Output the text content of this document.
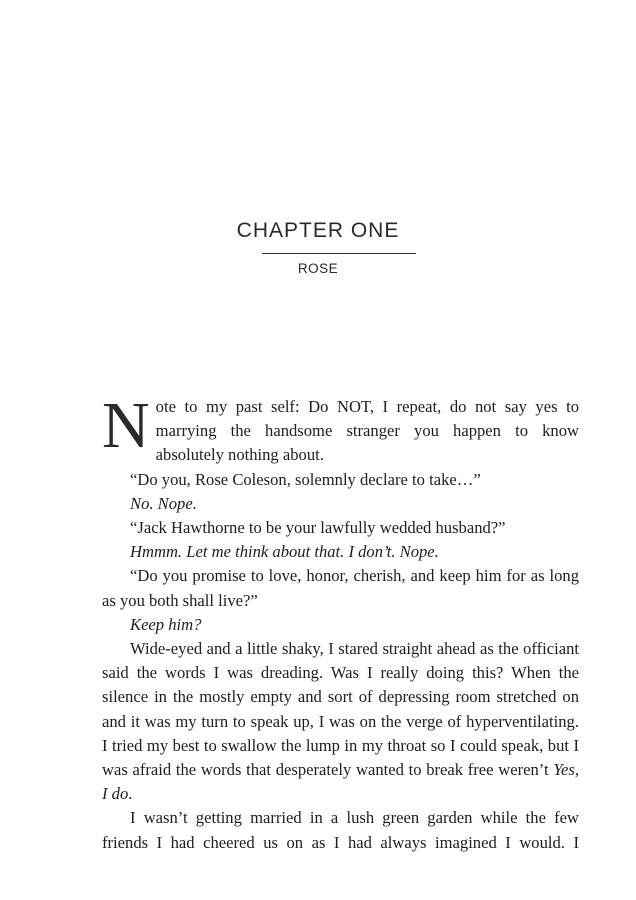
CHAPTER ONE
ROSE

Note to my past self: Do NOT, I repeat, do not say yes to marrying the handsome stranger you happen to know absolutely nothing about.

“Do you, Rose Coleson, solemnly declare to take…”

No. Nope.

“Jack Hawthorne to be your lawfully wedded husband?”

Hmmm. Let me think about that. I don’t. Nope.

“Do you promise to love, honor, cherish, and keep him for as long as you both shall live?”

Keep him?

Wide-eyed and a little shaky, I stared straight ahead as the officiant said the words I was dreading. Was I really doing this? When the silence in the mostly empty and sort of depressing room stretched on and it was my turn to speak up, I was on the verge of hyperventilating. I tried my best to swallow the lump in my throat so I could speak, but I was afraid the words that desperately wanted to break free weren’t Yes, I do.

I wasn’t getting married in a lush green garden while the few friends I had cheered us on as I had always imagined I would. I
